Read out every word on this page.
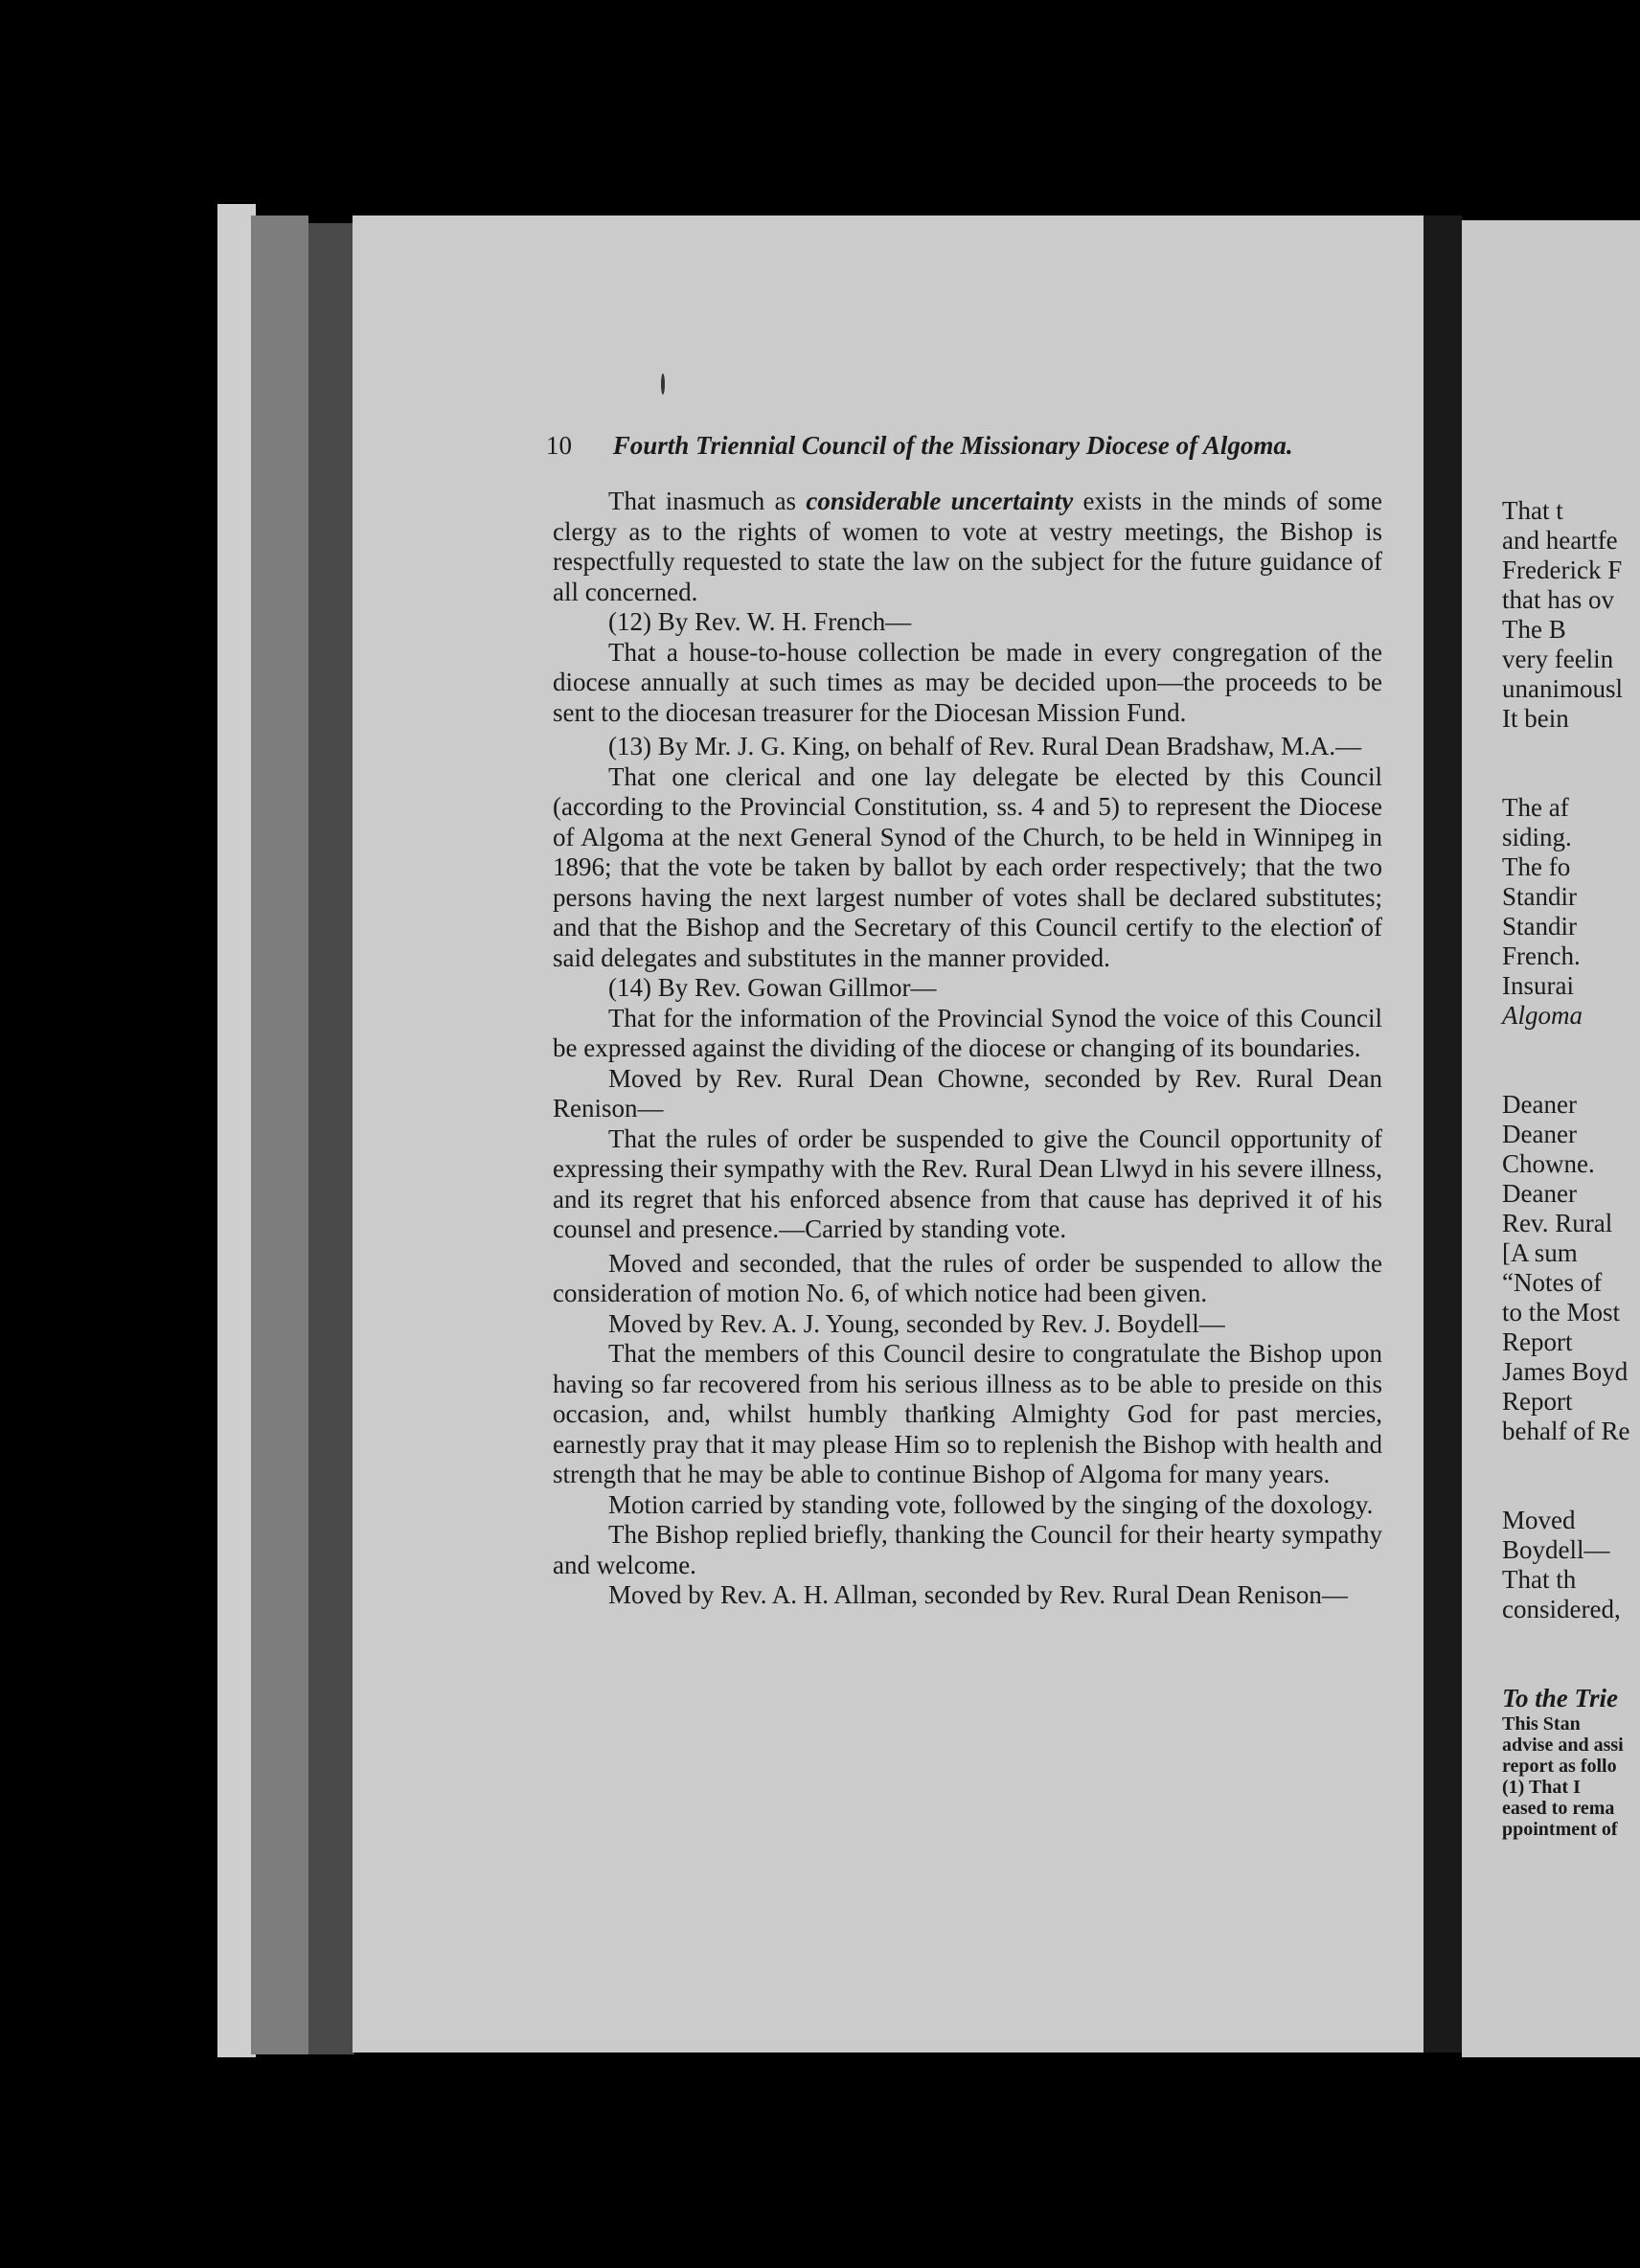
10 Fourth Triennial Council of the Missionary Diocese of Algoma.

That inasmuch as considerable uncertainty exists in the minds of some clergy as to the rights of women to vote at vestry meetings, the Bishop is respectfully requested to state the law on the subject for the future guidance of all concerned.

(12) By Rev. W. H. French—

That a house-to-house collection be made in every congregation of the diocese annually at such times as may be decided upon—the proceeds to be sent to the diocesan treasurer for the Diocesan Mission Fund.

(13) By Mr. J. G. King, on behalf of Rev. Rural Dean Bradshaw, M.A.—

That one clerical and one lay delegate be elected by this Council (according to the Provincial Constitution, ss. 4 and 5) to represent the Diocese of Algoma at the next General Synod of the Church, to be held in Winnipeg in 1896; that the vote be taken by ballot by each order respectively; that the two persons having the next largest number of votes shall be declared substitutes; and that the Bishop and the Secretary of this Council certify to the election of said delegates and substitutes in the manner provided.

(14) By Rev. Gowan Gillmor—

That for the information of the Provincial Synod the voice of this Council be expressed against the dividing of the diocese or changing of its boundaries.

Moved by Rev. Rural Dean Chowne, seconded by Rev. Rural Dean Renison—

That the rules of order be suspended to give the Council opportunity of expressing their sympathy with the Rev. Rural Dean Llwyd in his severe illness, and its regret that his enforced absence from that cause has deprived it of his counsel and presence.—Carried by standing vote.

Moved and seconded, that the rules of order be suspended to allow the consideration of motion No. 6, of which notice had been given.

Moved by Rev. A. J. Young, seconded by Rev. J. Boydell—

That the members of this Council desire to congratulate the Bishop upon having so far recovered from his serious illness as to be able to preside on this occasion, and, whilst humbly thanking Almighty God for past mercies, earnestly pray that it may please Him so to replenish the Bishop with health and strength that he may be able to continue Bishop of Algoma for many years.

Motion carried by standing vote, followed by the singing of the doxology.

The Bishop replied briefly, thanking the Council for their hearty sympathy and welcome.

Moved by Rev. A. H. Allman, seconded by Rev. Rural Dean Renison—

That t
and heartfe
Frederick F
that has ov
The B
very feelin
unanimousl
It bein
The af
siding.
The fo
Standir
Standir
French.
Insurai
Algoma
Deaner
Deaner
Chowne.
Deaner
Rev. Rural
[A sum
“Notes of
to the Most
Report
James Boyd
Report
behalf of Re
Moved
Boydell—
That th
considered,
To the Trie
This Stan
advise and assi
report as follo
(1) That I
eased to rema
ppointment of
